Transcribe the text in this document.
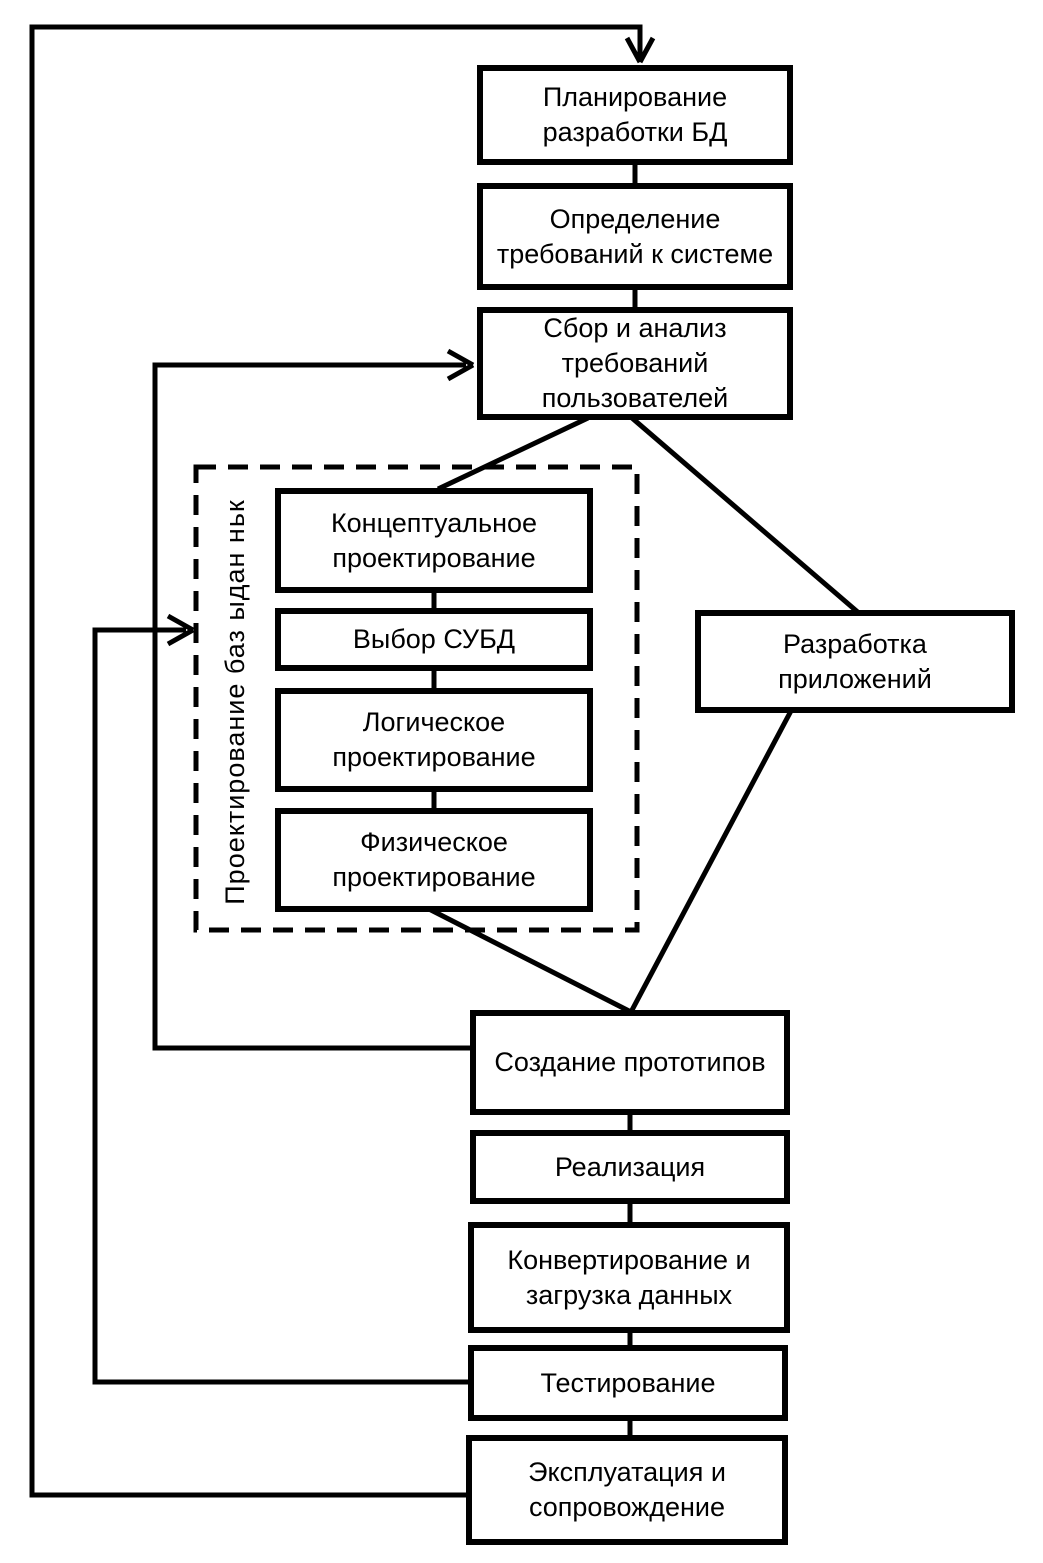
Планирование разработки БД
Определение требований к системе
Сбор и анализ требований пользователей
Концептуальное проектирование
Выбор СУБД
Логическое проектирование
Физическое проектирование
Проектирование баз ыдан ньк	Разработка приложений
Создание прототипов
Реализация
Конвертирование и загрузка данных
Тестирование
Эксплуатация и сопровождение
